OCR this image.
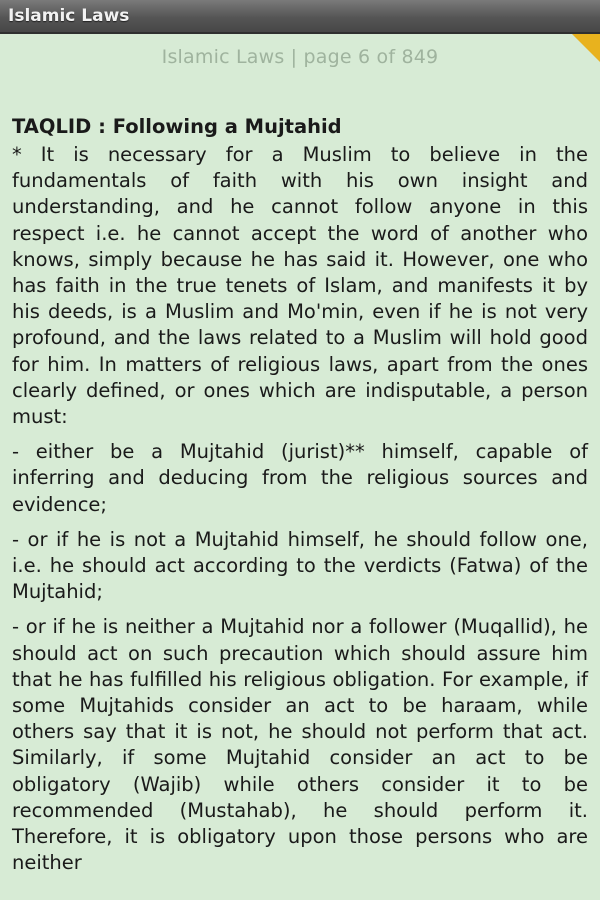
Islamic Laws
Islamic Laws | page 6 of 849
TAQLID : Following a Mujtahid

* It is necessary for a Muslim to believe in the fundamentals of faith with his own insight and understanding, and he cannot follow anyone in this respect i.e. he cannot accept the word of another who knows, simply because he has said it. However, one who has faith in the true tenets of Islam, and manifests it by his deeds, is a Muslim and Mo'min, even if he is not very profound, and the laws related to a Muslim will hold good for him. In matters of religious laws, apart from the ones clearly defined, or ones which are indisputable, a person must:

- either be a Mujtahid (jurist)** himself, capable of inferring and deducing from the religious sources and evidence;

- or if he is not a Mujtahid himself, he should follow one, i.e. he should act according to the verdicts (Fatwa) of the Mujtahid;

- or if he is neither a Mujtahid nor a follower (Muqallid), he should act on such precaution which should assure him that he has fulfilled his religious obligation. For example, if some Mujtahids consider an act to be haraam, while others say that it is not, he should not perform that act. Similarly, if some Mujtahid consider an act to be obligatory (Wajib) while others consider it to be recommended (Mustahab), he should perform it. Therefore, it is obligatory upon those persons who are neither
